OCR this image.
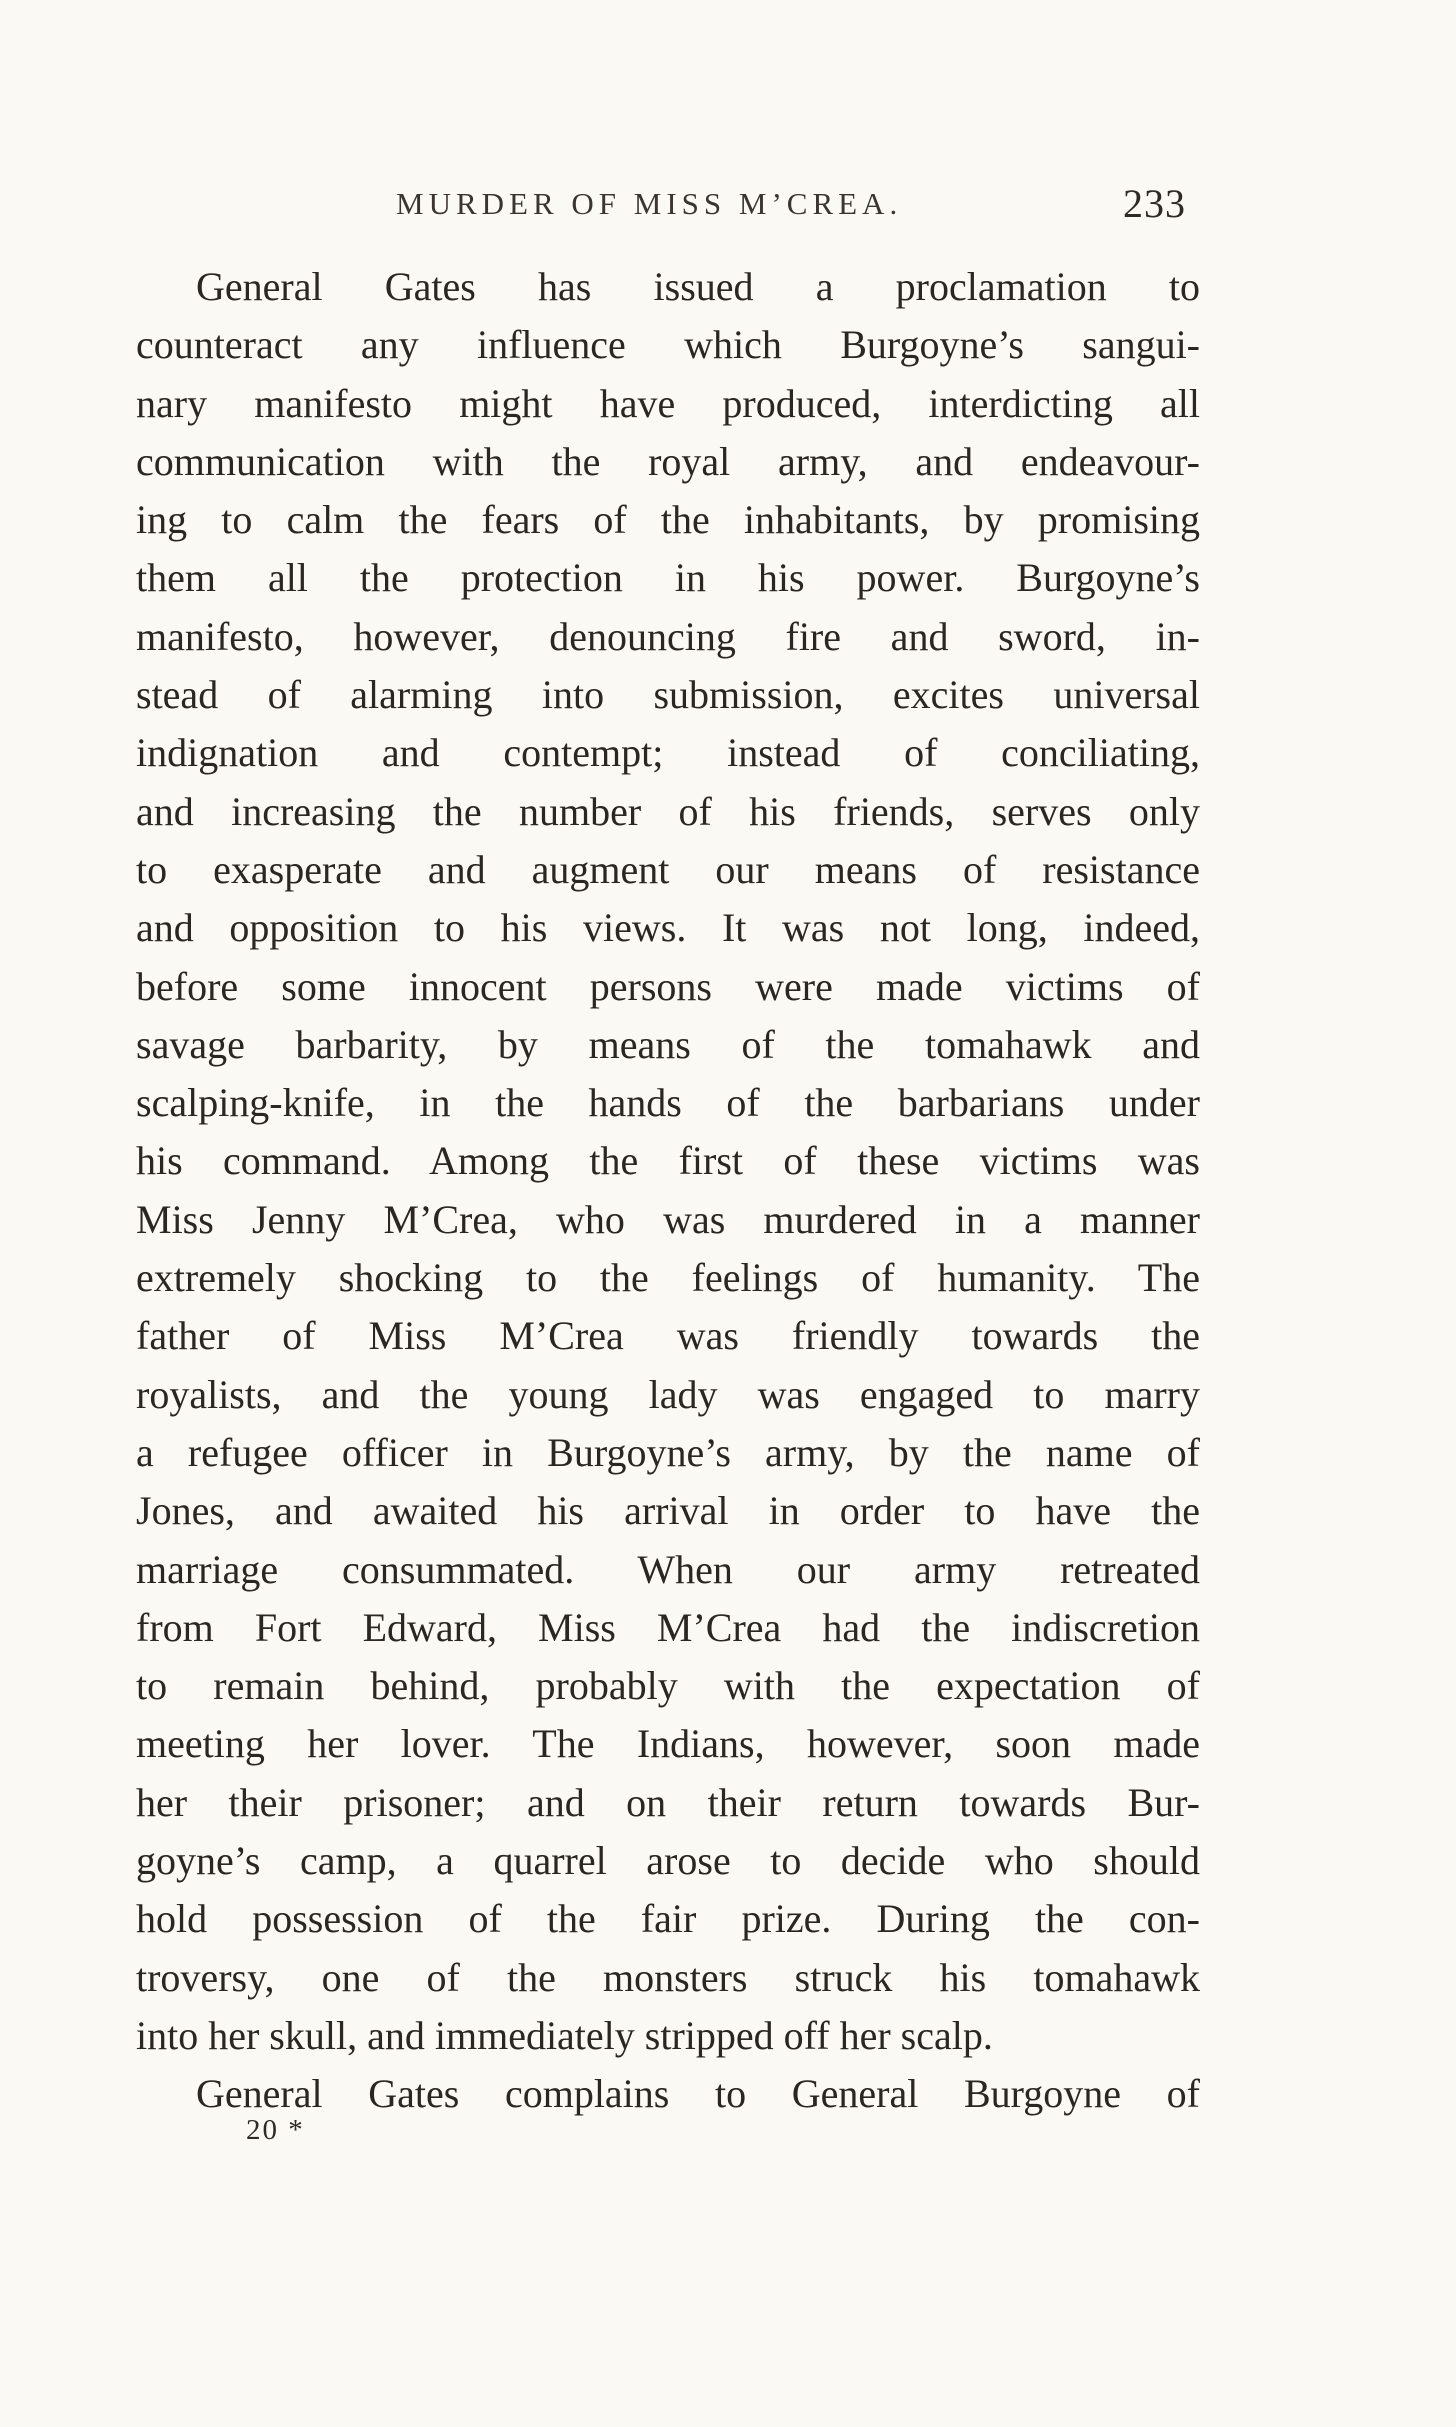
MURDER OF MISS M’CREA.	233
General Gates has issued a proclamation to
counteract any influence which Burgoyne’s sangui-
nary manifesto might have produced, interdicting all
communication with the royal army, and endeavour-
ing to calm the fears of the inhabitants, by promising
them all the protection in his power. Burgoyne’s
manifesto, however, denouncing fire and sword, in-
stead of alarming into submission, excites universal
indignation and contempt; instead of conciliating,
and increasing the number of his friends, serves only
to exasperate and augment our means of resistance
and opposition to his views. It was not long, indeed,
before some innocent persons were made victims of
savage barbarity, by means of the tomahawk and
scalping-knife, in the hands of the barbarians under
his command. Among the first of these victims was
Miss Jenny M’Crea, who was murdered in a manner
extremely shocking to the feelings of humanity. The
father of Miss M’Crea was friendly towards the
royalists, and the young lady was engaged to marry
a refugee officer in Burgoyne’s army, by the name of
Jones, and awaited his arrival in order to have the
marriage consummated. When our army retreated
from Fort Edward, Miss M’Crea had the indiscretion
to remain behind, probably with the expectation of
meeting her lover. The Indians, however, soon made
her their prisoner; and on their return towards Bur-
goyne’s camp, a quarrel arose to decide who should
hold possession of the fair prize. During the con-
troversy, one of the monsters struck his tomahawk
into her skull, and immediately stripped off her scalp.
General Gates complains to General Burgoyne of
20 *
